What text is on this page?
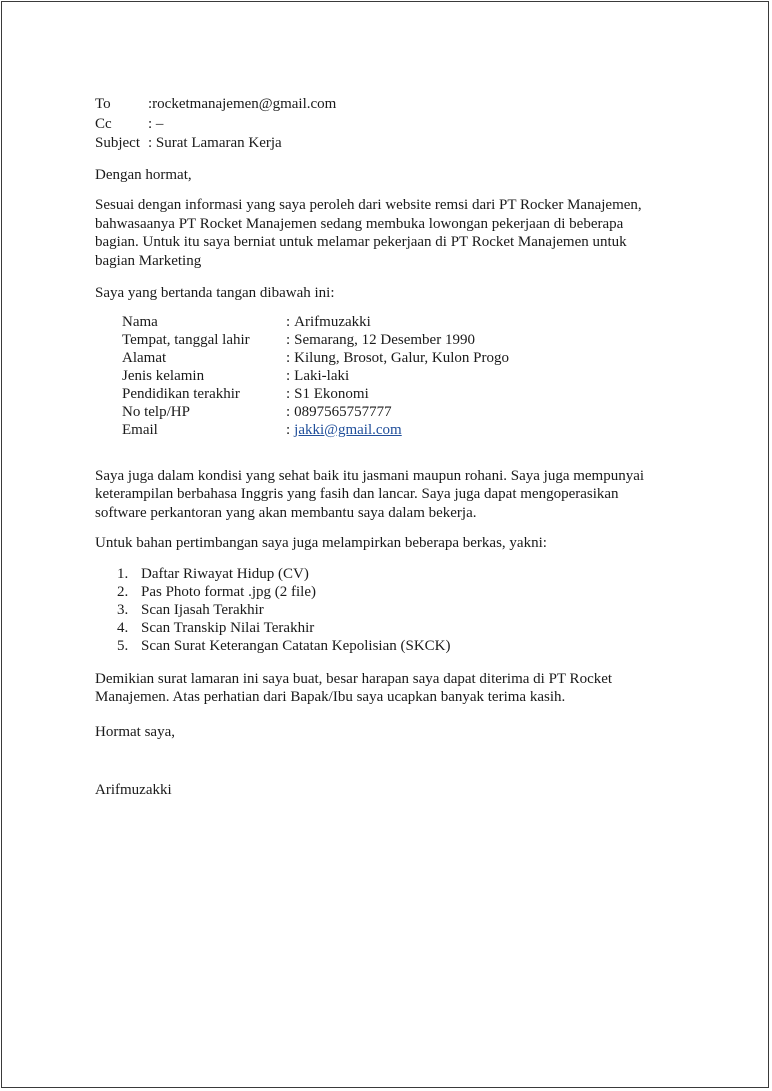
To	:rocketmanajemen@gmail.com
Cc	: –
Subject : Surat Lamaran Kerja

Dengan hormat,

Sesuai dengan informasi yang saya peroleh dari website remsi dari PT Rocker Manajemen,
bahwasaanya PT Rocket Manajemen sedang membuka lowongan pekerjaan di beberapa
bagian. Untuk itu saya berniat untuk melamar pekerjaan di PT Rocket Manajemen untuk
bagian Marketing

Saya yang bertanda tangan dibawah ini:

Nama	: Arifmuzakki
Tempat, tanggal lahir	: Semarang, 12 Desember 1990
Alamat	: Kilung, Brosot, Galur, Kulon Progo
Jenis kelamin	: Laki-laki
Pendidikan terakhir	: S1 Ekonomi
No telp/HP	: 0897565757777
Email	: jakki@gmail.com

Saya juga dalam kondisi yang sehat baik itu jasmani maupun rohani. Saya juga mempunyai
keterampilan berbahasa Inggris yang fasih dan lancar. Saya juga dapat mengoperasikan
software perkantoran yang akan membantu saya dalam bekerja.

Untuk bahan pertimbangan saya juga melampirkan beberapa berkas, yakni:

1. Daftar Riwayat Hidup (CV)
2. Pas Photo format .jpg (2 file)
3. Scan Ijasah Terakhir
4. Scan Transkip Nilai Terakhir
5. Scan Surat Keterangan Catatan Kepolisian (SKCK)

Demikian surat lamaran ini saya buat, besar harapan saya dapat diterima di PT Rocket
Manajemen. Atas perhatian dari Bapak/Ibu saya ucapkan banyak terima kasih.

Hormat saya,

Arifmuzakki
